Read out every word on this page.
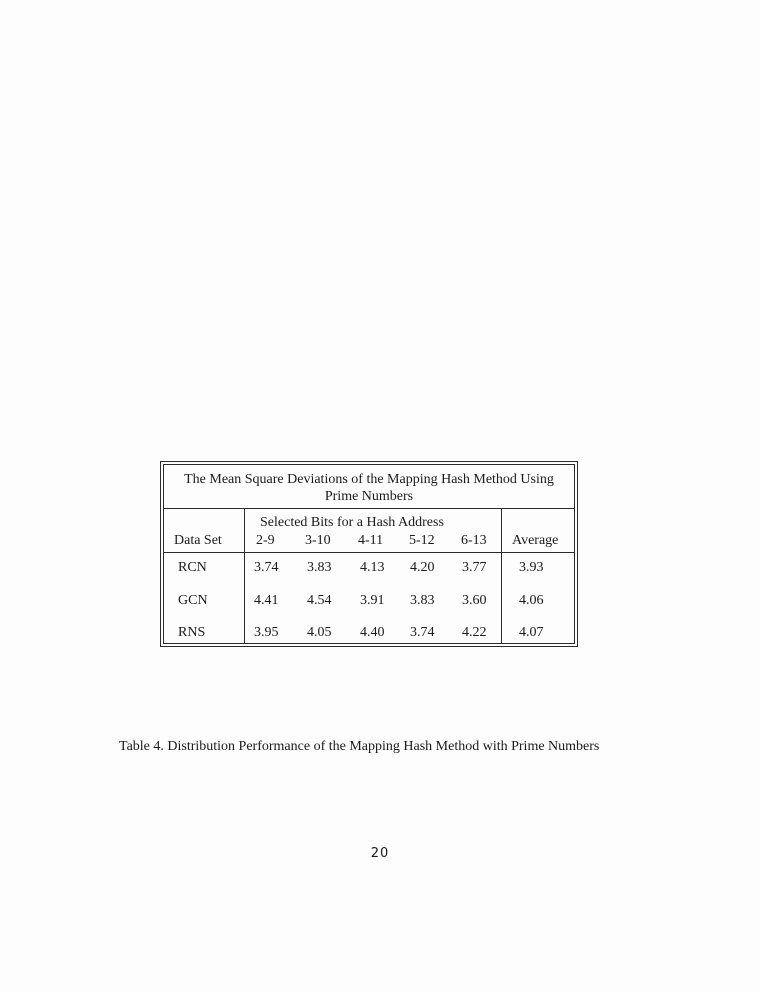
The Mean Square Deviations of the Mapping Hash Method Using
Prime Numbers
Selected Bits for a Hash Address
Data Set 2-9 3-10 4-11 5-12 6-13 Average
RCN	3.74 3.83 4.13 4.20 3.77 3.93
GCN	4.41 4.54 3.91 3.83 3.60 4.06
RNS	3.95 4.05 4.40 3.74 4.22 4.07
Table 4. Distribution Performance of the Mapping Hash Method with Prime Numbers
20
